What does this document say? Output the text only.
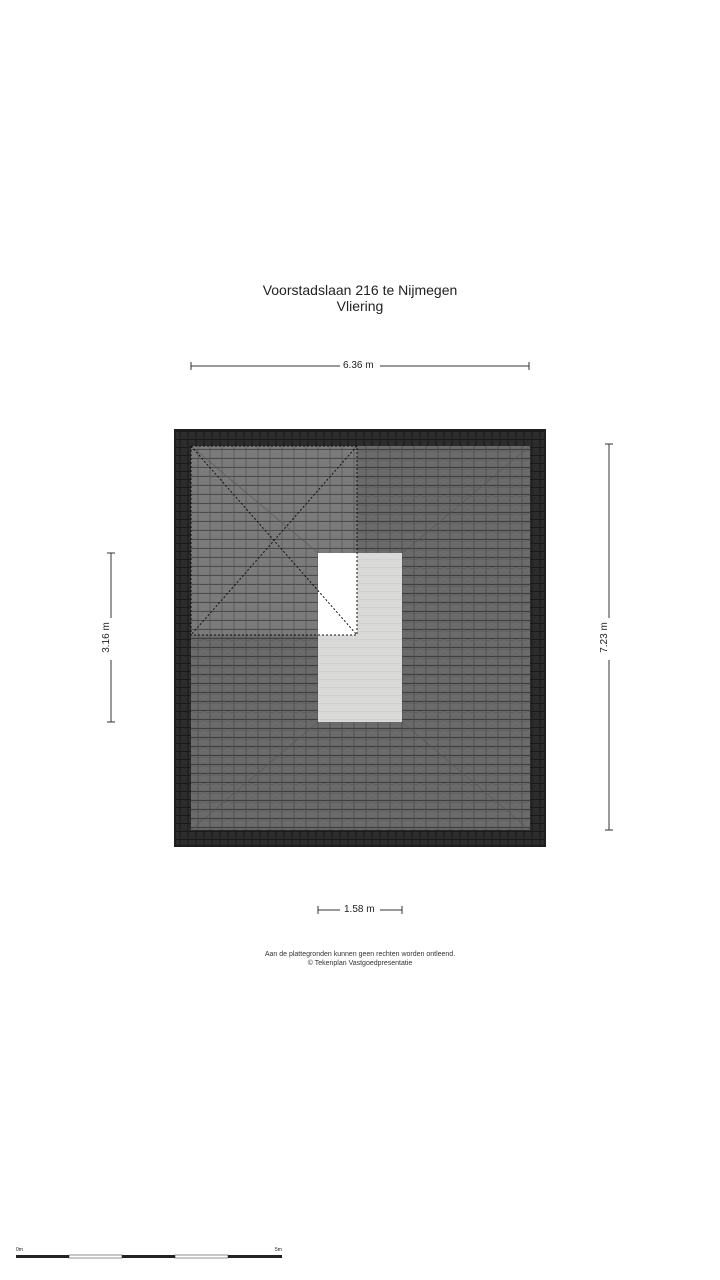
Voorstadslaan 216 te Nijmegen
Vliering
6.36 m
7.23 m
3.16 m
1.58 m
Aan de plattegronden kunnen geen rechten worden ontleend.
© Tekenplan Vastgoedpresentatie
0m	5m
